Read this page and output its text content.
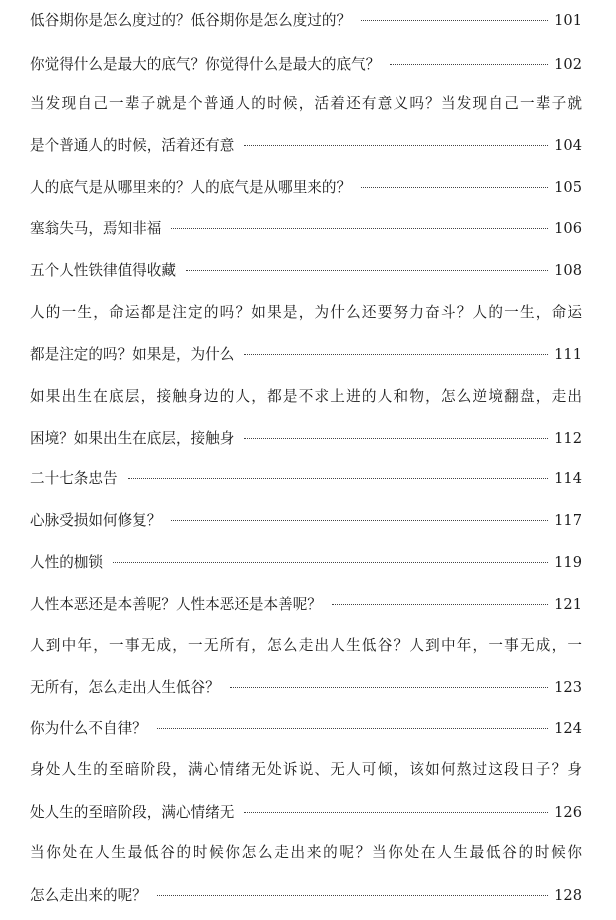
低谷期你是怎么度过的？低谷期你是怎么度过的？	101
你觉得什么是最大的底气？你觉得什么是最大的底气？	102
当发现自己一辈子就是个普通人的时候，活着还有意义吗？当发现自己一辈子就
是个普通人的时候，活着还有意	104
人的底气是从哪里来的？人的底气是从哪里来的？	105
塞翁失马，焉知非福	106
五个人性铁律值得收藏	108
人的一生，命运都是注定的吗？如果是，为什么还要努力奋斗？人的一生，命运
都是注定的吗？如果是，为什么	111
如果出生在底层，接触身边的人，都是不求上进的人和物，怎么逆境翻盘，走出
困境？如果出生在底层，接触身	112
二十七条忠告	114
心脉受损如何修复？	117
人性的枷锁	119
人性本恶还是本善呢？人性本恶还是本善呢？	121
人到中年，一事无成，一无所有，怎么走出人生低谷？人到中年，一事无成，一
无所有，怎么走出人生低谷？	123
你为什么不自律？	124
身处人生的至暗阶段，满心情绪无处诉说、无人可倾，该如何熬过这段日子？身
处人生的至暗阶段，满心情绪无	126
当你处在人生最低谷的时候你怎么走出来的呢？当你处在人生最低谷的时候你
怎么走出来的呢？	128
